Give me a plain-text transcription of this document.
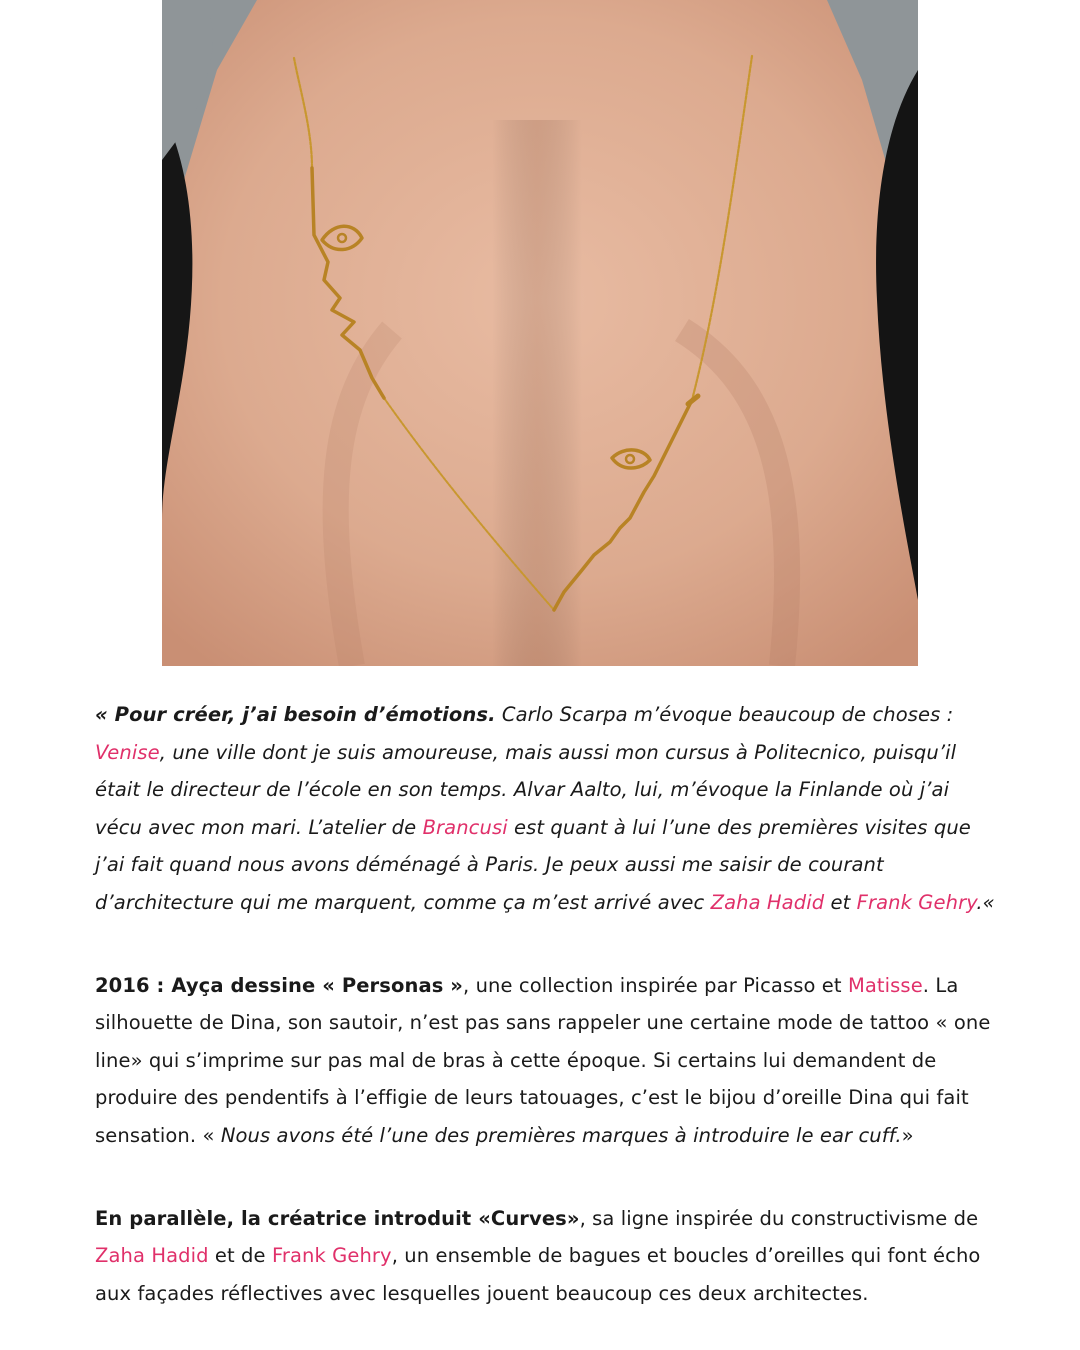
« Pour créer, j’ai besoin d’émotions. Carlo Scarpa m’évoque beaucoup de choses : Venise, une ville dont je suis amoureuse, mais aussi mon cursus à Politecnico, puisqu’il était le directeur de l’école en son temps. Alvar Aalto, lui, m’évoque la Finlande où j’ai vécu avec mon mari. L’atelier de Brancusi est quant à lui l’une des premières visites que j’ai fait quand nous avons déménagé à Paris. Je peux aussi me saisir de courant d’architecture qui me marquent, comme ça m’est arrivé avec Zaha Hadid et Frank Gehry.«

2016 : Ayça dessine « Personas », une collection inspirée par Picasso et Matisse. La silhouette de Dina, son sautoir, n’est pas sans rappeler une certaine mode de tattoo « one line» qui s’imprime sur pas mal de bras à cette époque. Si certains lui demandent de produire des pendentifs à l’effigie de leurs tatouages, c’est le bijou d’oreille Dina qui fait sensation. « Nous avons été l’une des premières marques à introduire le ear cuff.»

En parallèle, la créatrice introduit «Curves», sa ligne inspirée du constructivisme de Zaha Hadid et de Frank Gehry, un ensemble de bagues et boucles d’oreilles qui font écho aux façades réflectives avec lesquelles jouent beaucoup ces deux architectes.
